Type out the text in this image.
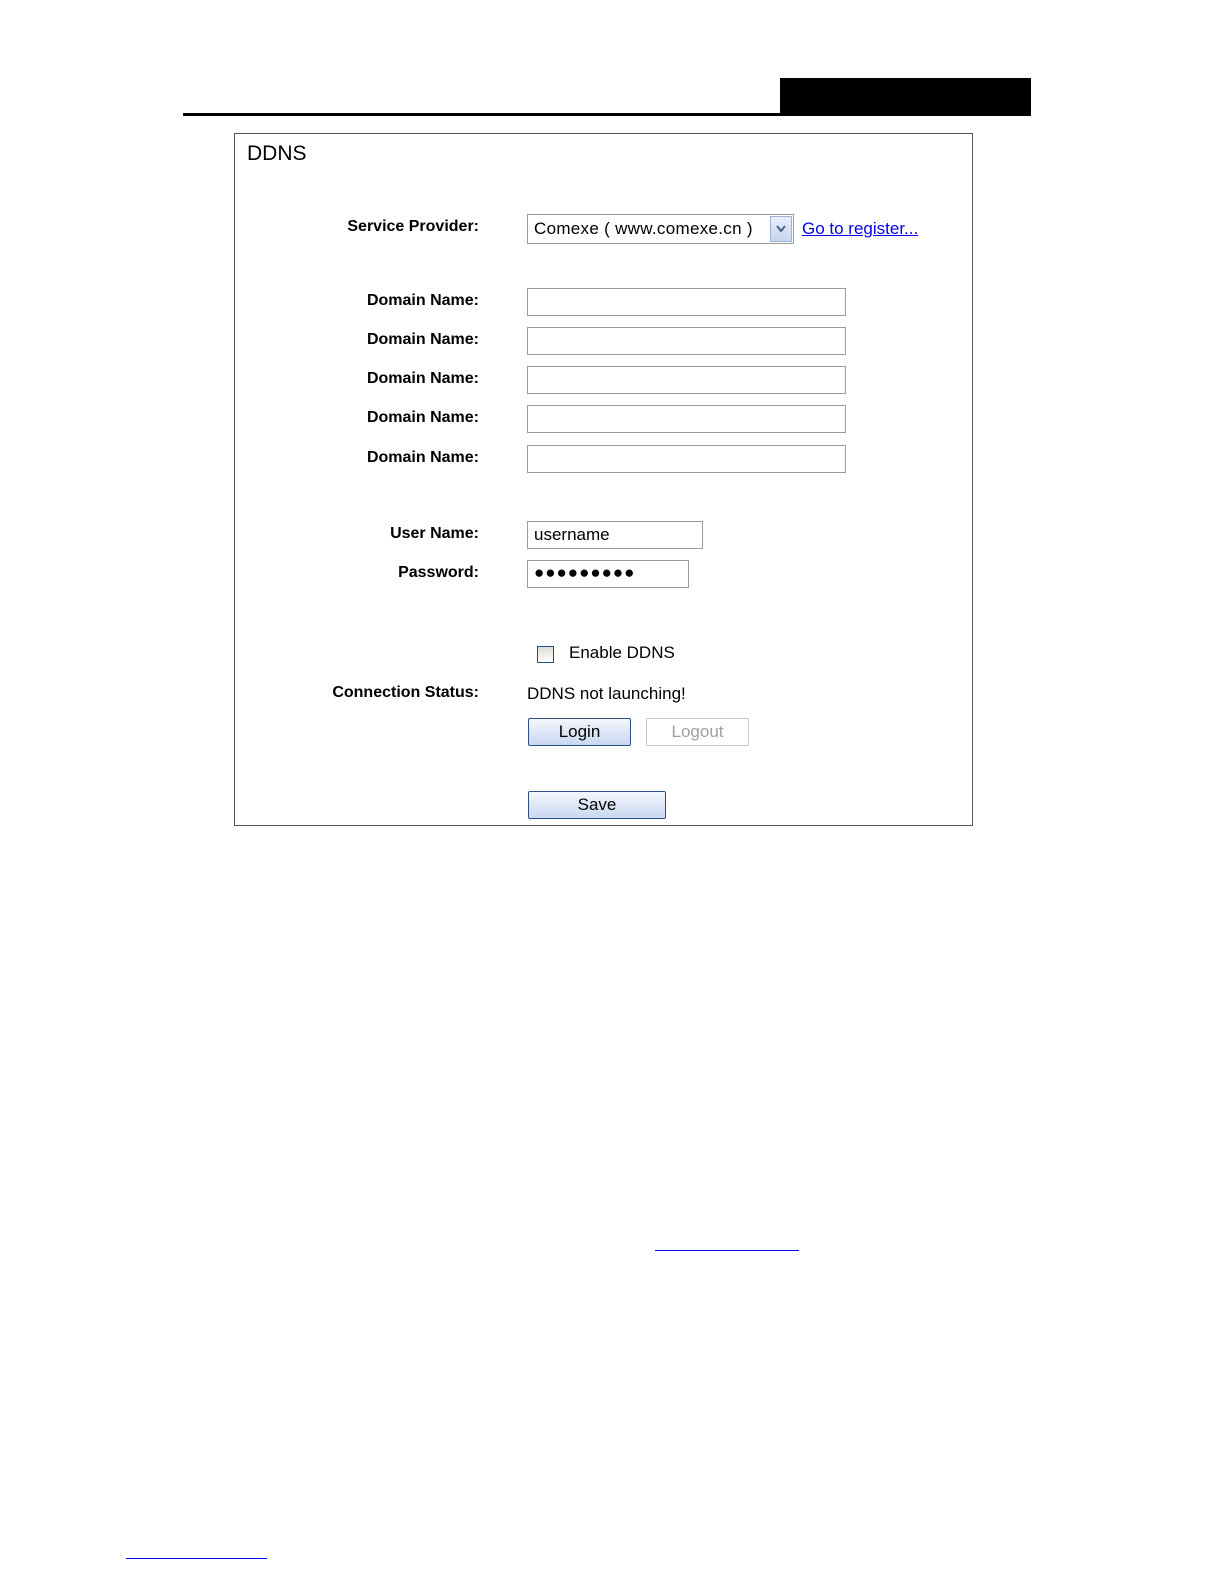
DDNS
Service Provider:	Comexe ( www.comexe.cn )	Go to register...
Domain Name:
Domain Name:
Domain Name:
Domain Name:
Domain Name:
User Name:	username
Password:	●●●●●●●●●
Enable DDNS
Connection Status:	DDNS not launching!
Login	Logout
Save
